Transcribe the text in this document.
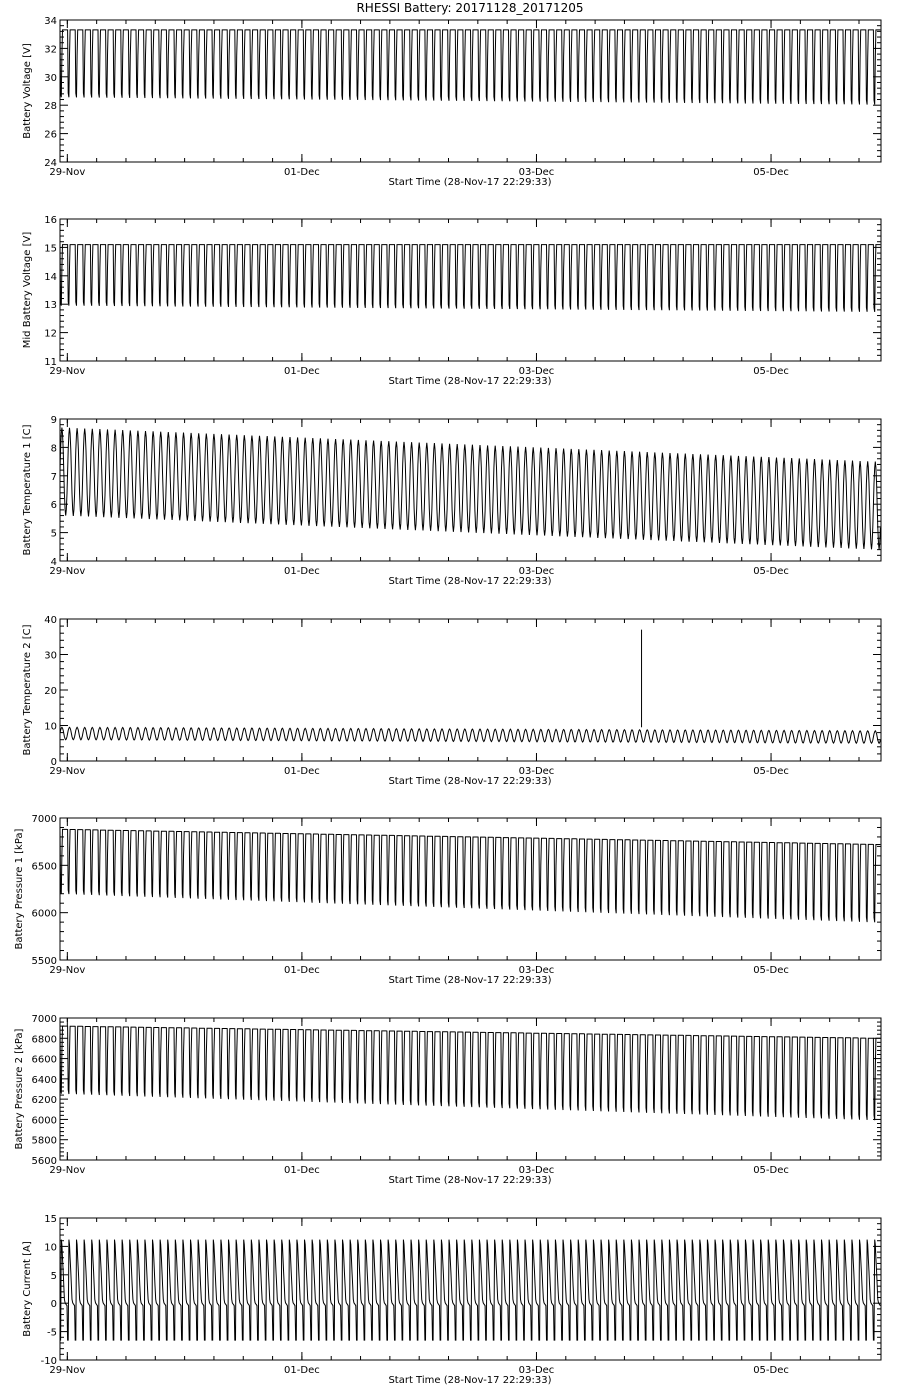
RHESSI Battery: 20171128_20171205
24
26
28
30
32
34
29-Nov	01-Dec	03-Dec	05-Dec
Start Time (28-Nov-17 22:29:33)
Battery Voltage [V]
11
12
13
14
15
16
29-Nov	01-Dec	03-Dec	05-Dec
Start Time (28-Nov-17 22:29:33)
Mid Battery Voltage [V]
4
5
6
7
8
9
29-Nov	01-Dec	03-Dec	05-Dec
Start Time (28-Nov-17 22:29:33)
Battery Temperature 1 [C]
0
10
20
30
40
29-Nov	01-Dec	03-Dec	05-Dec
Start Time (28-Nov-17 22:29:33)
Battery Temperature 2 [C]
5500
6000
6500
7000
29-Nov	01-Dec	03-Dec	05-Dec
Start Time (28-Nov-17 22:29:33)
Battery Pressure 1 [kPa]
5600
5800
6000
6200
6400
6600
6800
7000
29-Nov	01-Dec	03-Dec	05-Dec
Start Time (28-Nov-17 22:29:33)
Battery Pressure 2 [kPa]
-10
-5
0
5
10
15
29-Nov	01-Dec	03-Dec	05-Dec
Start Time (28-Nov-17 22:29:33)
Battery Current [A]
